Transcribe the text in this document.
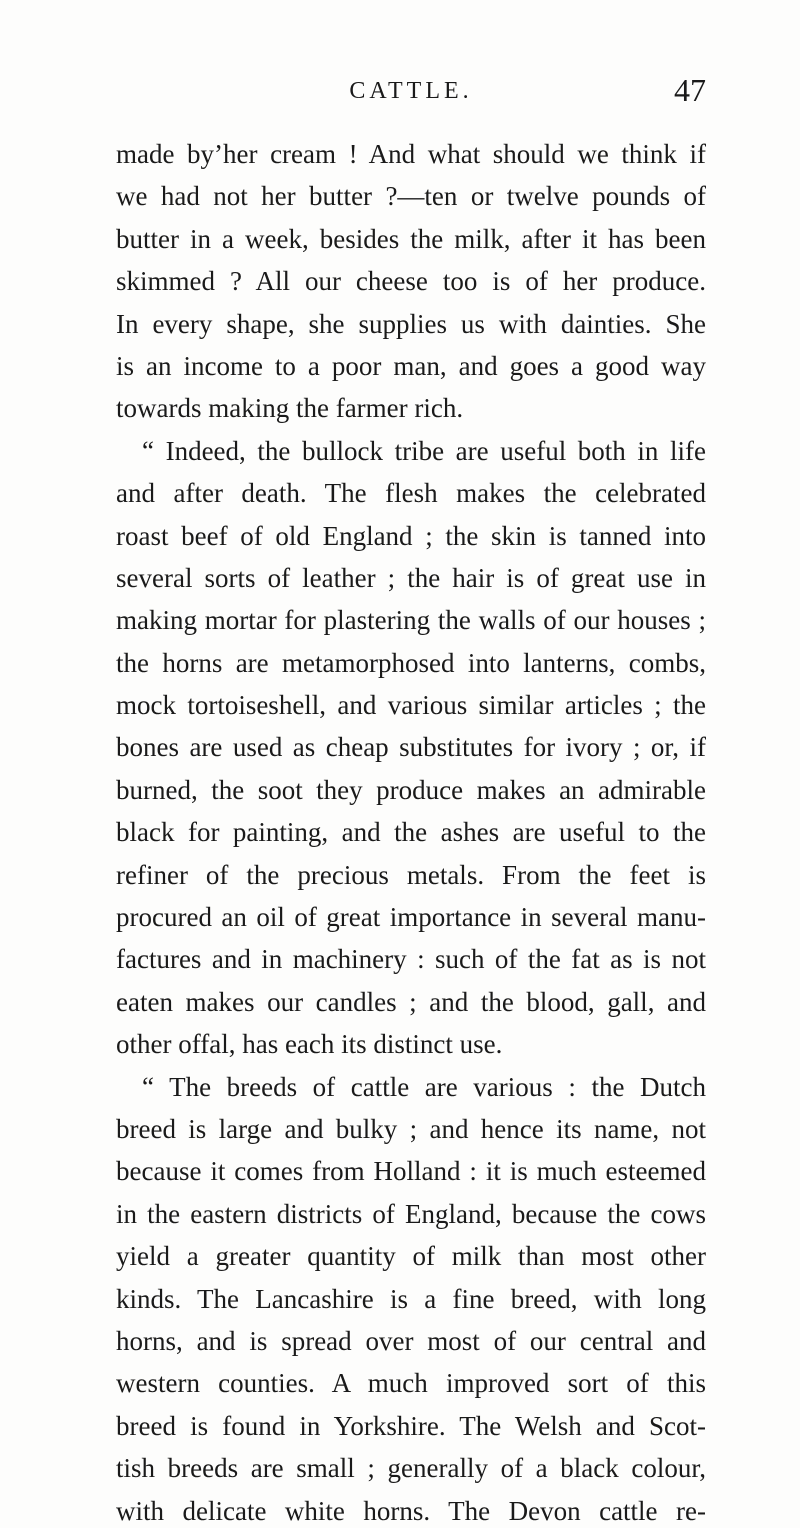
CATTLE.	47
made by’her cream ! And what should we think if
we had not her butter ?—ten or twelve pounds of
butter in a week, besides the milk, after it has been
skimmed ? All our cheese too is of her produce.
In every shape, she supplies us with dainties. She
is an income to a poor man, and goes a good way
towards making the farmer rich.
“ Indeed, the bullock tribe are useful both in life
and after death. The flesh makes the celebrated
roast beef of old England ; the skin is tanned into
several sorts of leather ; the hair is of great use in
making mortar for plastering the walls of our houses ;
the horns are metamorphosed into lanterns, combs,
mock tortoiseshell, and various similar articles ; the
bones are used as cheap substitutes for ivory ; or, if
burned, the soot they produce makes an admirable
black for painting, and the ashes are useful to the
refiner of the precious metals. From the feet is
procured an oil of great importance in several manu-
factures and in machinery : such of the fat as is not
eaten makes our candles ; and the blood, gall, and
other offal, has each its distinct use.
“ The breeds of cattle are various : the Dutch
breed is large and bulky ; and hence its name, not
because it comes from Holland : it is much esteemed
in the eastern districts of England, because the cows
yield a greater quantity of milk than most other
kinds. The Lancashire is a fine breed, with long
horns, and is spread over most of our central and
western counties. A much improved sort of this
breed is found in Yorkshire. The Welsh and Scot-
tish breeds are small ; generally of a black colour,
with delicate white horns. The Devon cattle re-
